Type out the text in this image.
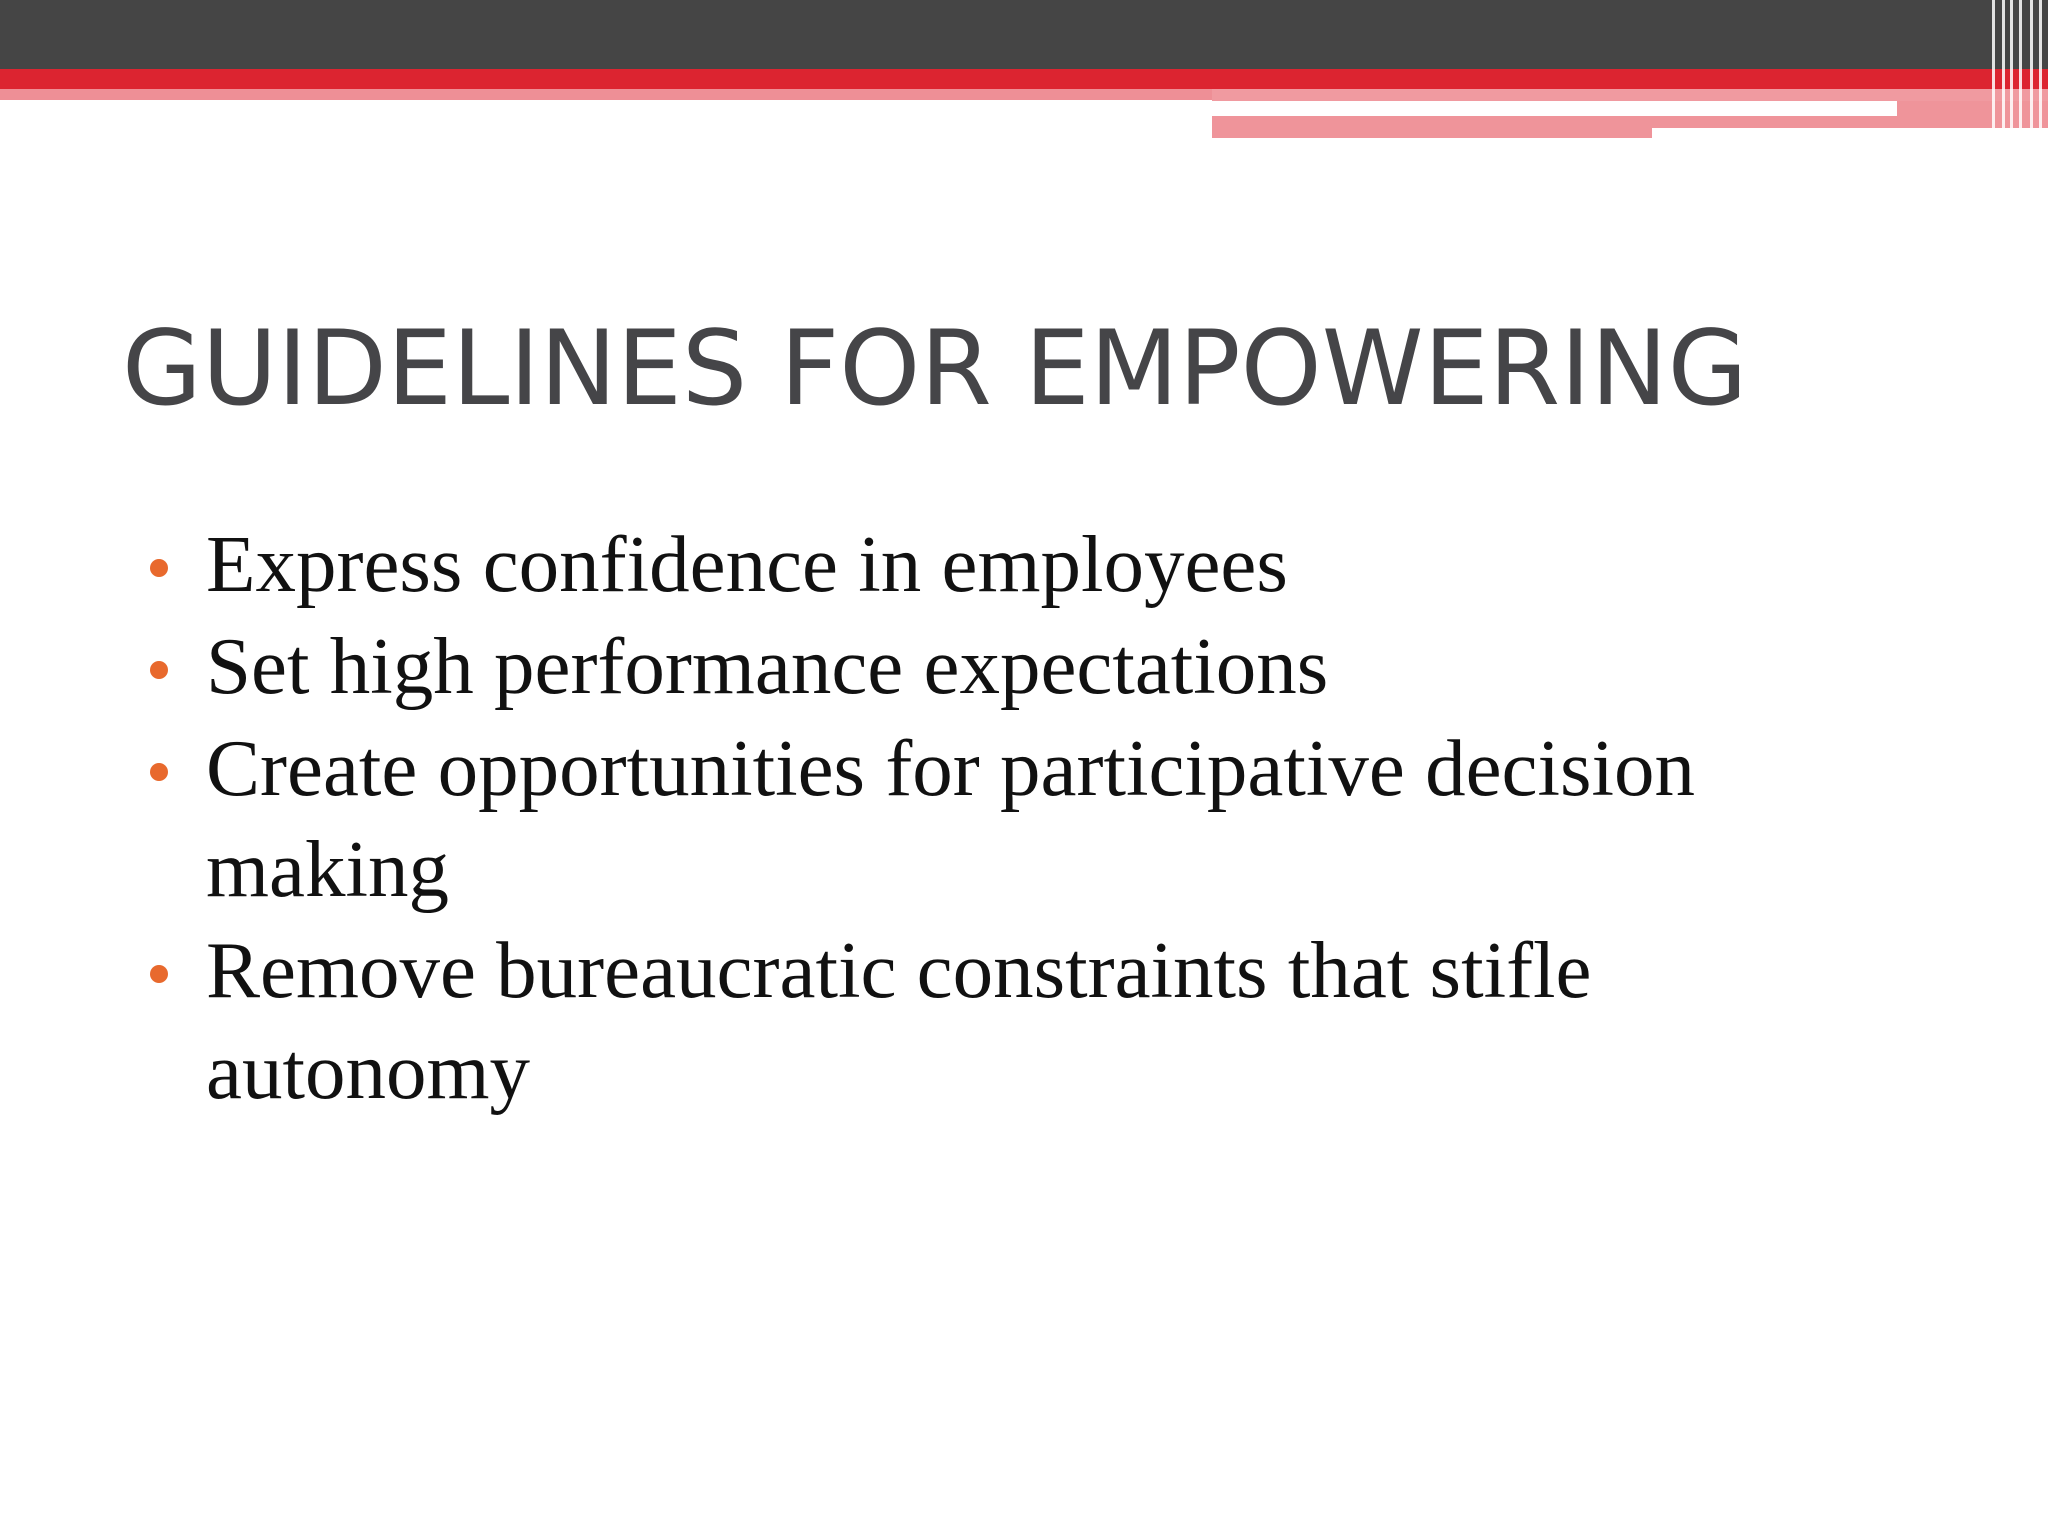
GUIDELINES FOR EMPOWERING
Express confidence in employees
Set high performance expectations
Create opportunities for participative decision making
Remove bureaucratic constraints that stifle autonomy
